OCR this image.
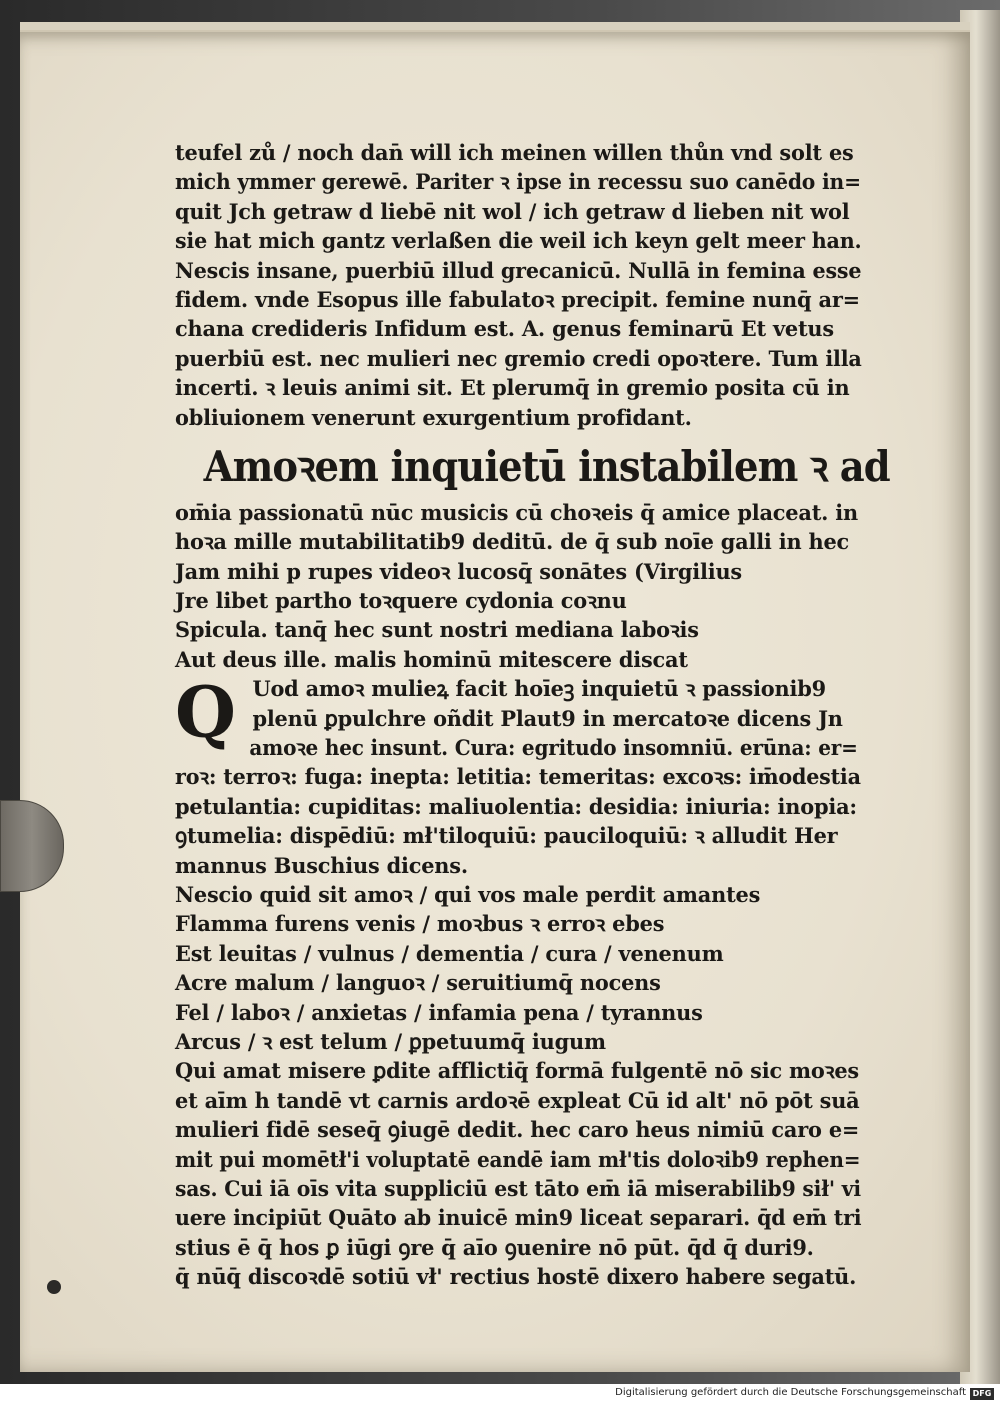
teufel zů / noch dan̄ will ich meinen willen thůn vnd solt es
mich ymmer gerewē. Pariter ꝛ ipse in recessu suo canēdo in=
quit Jch getraw d liebē nit wol / ich getraw d lieben nit wol
sie hat mich gantz verlaßen die weil ich keyn gelt meer han.
Nescis insane, puerbiū illud grecanicū. Nullā in femina esse
fidem. vnde Esopus ille fabulatoꝛ precipit. femine nunq̄ ar=
chana credideris Infidum est. A. genus feminarū Et vetus
puerbiū est. nec mulieri nec gremio credi opoꝛtere. Tum illa
incerti. ꝛ leuis animi sit. Et plerumq̄ in gremio posita cū in
obliuionem venerunt exurgentium profidant.
Amoꝛem inquietū instabilem ꝛ ad
om̄ia passionatū nūc musicis cū choꝛeis q̄ amice placeat. in
hoꝛa mille mutabilitatib9 deditū. de q̄ sub noīe galli in hec
Jam mihi p rupes videoꝛ lucosq̄ sonātes (Virgilius
Jre libet partho toꝛquere cydonia coꝛnu
Spicula. tanq̄ hec sunt nostri mediana laboꝛis
Aut deus ille. malis hominū mitescere discat
Q Uod amoꝛ mulieꝝ facit hoīeꝫ inquietū ꝛ passionib9
plenū ꝑpulchre oñdit Plaut9 in mercatoꝛe dicens Jn
amoꝛe hec insunt. Cura: egritudo insomniū. erūna: er=
roꝛ: terroꝛ: fuga: inepta: letitia: temeritas: excoꝛs: im̄odestia
petulantia: cupiditas: maliuolentia: desidia: iniuria: inopia:
ꝯtumelia: dispēdiū: mł'tiloquiū: pauciloquiū: ꝛ alludit Her
mannus Buschius dicens.
Nescio quid sit amoꝛ / qui vos male perdit amantes
Flamma furens venis / moꝛbus ꝛ erroꝛ ebes
Est leuitas / vulnus / dementia / cura / venenum
Acre malum / languoꝛ / seruitiumq̄ nocens
Fel / laboꝛ / anxietas / infamia pena / tyrannus
Arcus / ꝛ est telum / ꝑpetuumq̄ iugum
Qui amat misere ꝑdite afflictiq̄ formā fulgentē nō sic moꝛes
et aīm h tandē vt carnis ardoꝛē expleat Cū id alt' nō pōt suā
mulieri fidē seseq̄ ꝯiugē dedit. hec caro heus nimiū caro e=
mit pui momētł'i voluptatē eandē iam mł'tis doloꝛib9 rephen=
sas. Cui iā oīs vita suppliciū est tāto em̄ iā miserabilib9 sił' vi
uere incipiūt Quāto ab inuicē min9 liceat separari. q̄d em̄ tri
stius ē q̄ hos ꝑ iūgi ꝯre q̄ aīo ꝯuenire nō pūt. q̄d q̄ duri9.
q̄ nūq̄ discoꝛdē sotiū vł' rectius hostē dixero habere segatū.
Digitalisierung gefördert durch die Deutsche Forschungsgemeinschaft DFG
